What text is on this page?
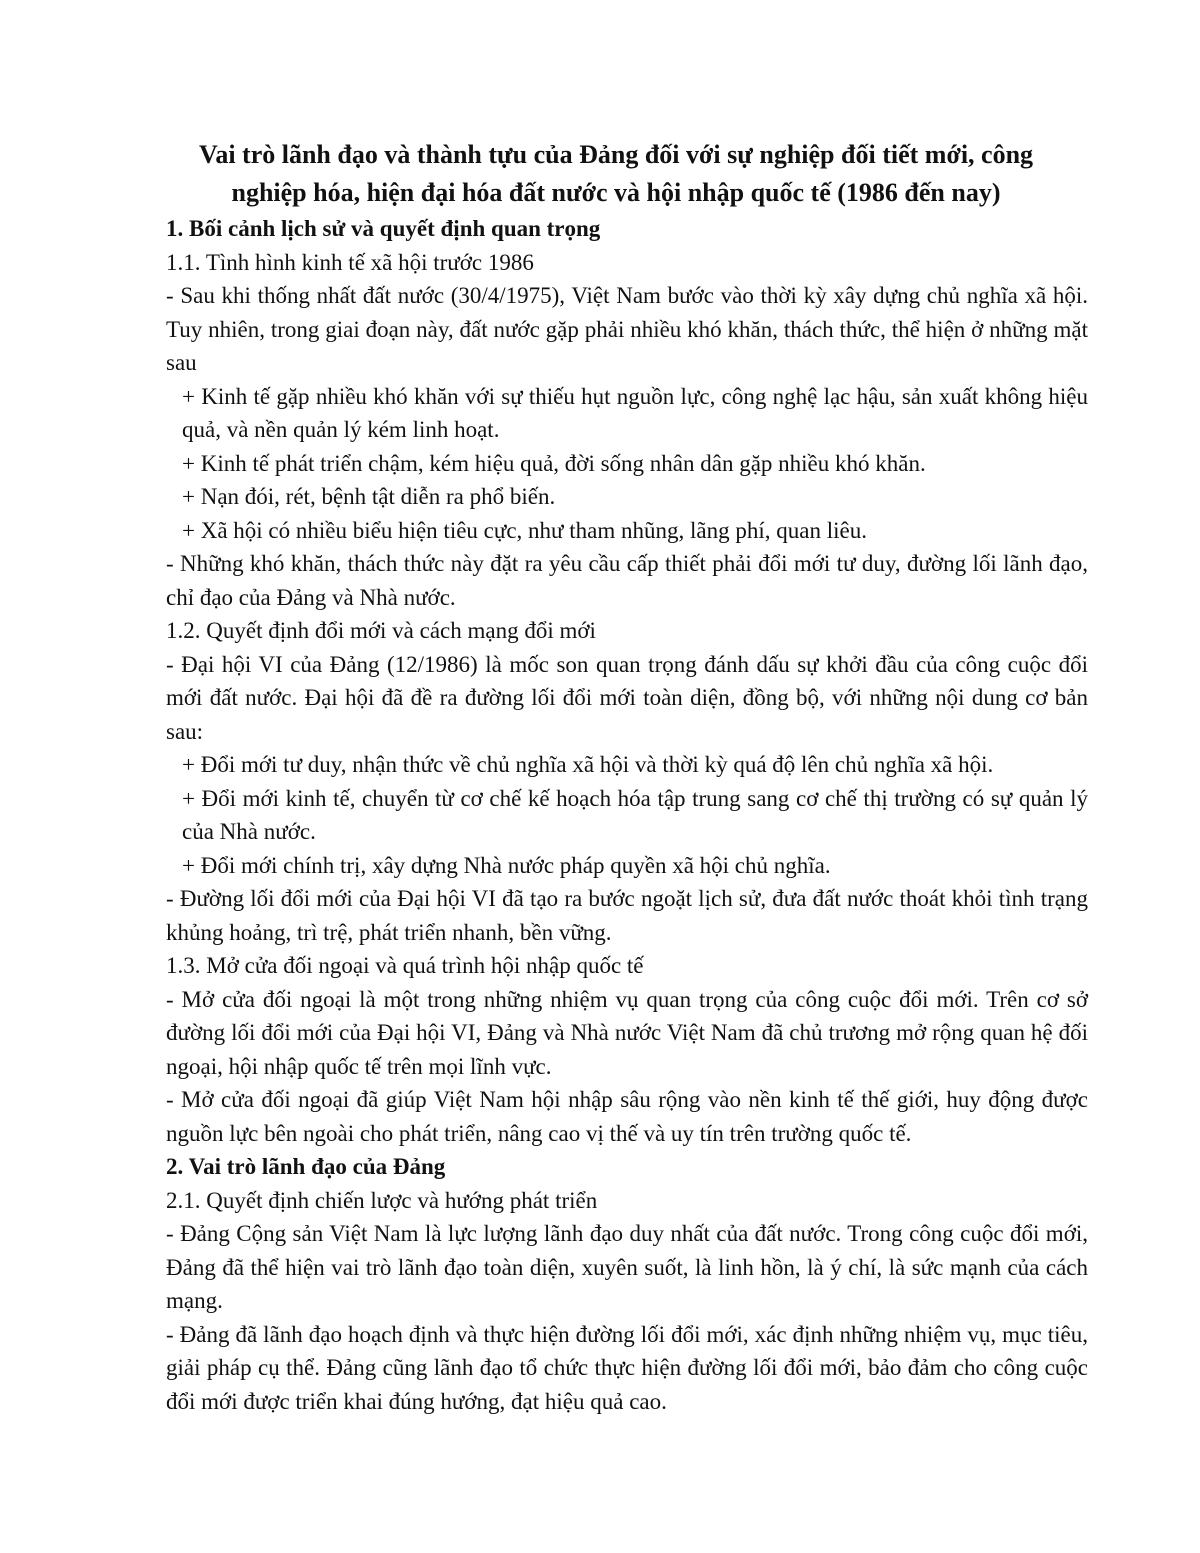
Vai trò lãnh đạo và thành tựu của Đảng đối với sự nghiệp đối tiết mới, công
nghiệp hóa, hiện đại hóa đất nước và hội nhập quốc tế (1986 đến nay)
1. Bối cảnh lịch sử và quyết định quan trọng
1.1. Tình hình kinh tế xã hội trước 1986

- Sau khi thống nhất đất nước (30/4/1975), Việt Nam bước vào thời kỳ xây dựng chủ nghĩa xã hội. Tuy nhiên, trong giai đoạn này, đất nước gặp phải nhiều khó khăn, thách thức, thể hiện ở những mặt sau

+ Kinh tế gặp nhiều khó khăn với sự thiếu hụt nguồn lực, công nghệ lạc hậu, sản xuất không hiệu quả, và nền quản lý kém linh hoạt.

+ Kinh tế phát triển chậm, kém hiệu quả, đời sống nhân dân gặp nhiều khó khăn.

+ Nạn đói, rét, bệnh tật diễn ra phổ biến.

+ Xã hội có nhiều biểu hiện tiêu cực, như tham nhũng, lãng phí, quan liêu.

- Những khó khăn, thách thức này đặt ra yêu cầu cấp thiết phải đổi mới tư duy, đường lối lãnh đạo, chỉ đạo của Đảng và Nhà nước.

1.2. Quyết định đổi mới và cách mạng đổi mới

- Đại hội VI của Đảng (12/1986) là mốc son quan trọng đánh dấu sự khởi đầu của công cuộc đổi mới đất nước. Đại hội đã đề ra đường lối đổi mới toàn diện, đồng bộ, với những nội dung cơ bản sau:

+ Đổi mới tư duy, nhận thức về chủ nghĩa xã hội và thời kỳ quá độ lên chủ nghĩa xã hội.

+ Đổi mới kinh tế, chuyển từ cơ chế kế hoạch hóa tập trung sang cơ chế thị trường có sự quản lý của Nhà nước.

+ Đổi mới chính trị, xây dựng Nhà nước pháp quyền xã hội chủ nghĩa.

- Đường lối đổi mới của Đại hội VI đã tạo ra bước ngoặt lịch sử, đưa đất nước thoát khỏi tình trạng khủng hoảng, trì trệ, phát triển nhanh, bền vững.

1.3. Mở cửa đối ngoại và quá trình hội nhập quốc tế

- Mở cửa đối ngoại là một trong những nhiệm vụ quan trọng của công cuộc đổi mới. Trên cơ sở đường lối đổi mới của Đại hội VI, Đảng và Nhà nước Việt Nam đã chủ trương mở rộng quan hệ đối ngoại, hội nhập quốc tế trên mọi lĩnh vực.

- Mở cửa đối ngoại đã giúp Việt Nam hội nhập sâu rộng vào nền kinh tế thế giới, huy động được nguồn lực bên ngoài cho phát triển, nâng cao vị thế và uy tín trên trường quốc tế.

2. Vai trò lãnh đạo của Đảng
2.1. Quyết định chiến lược và hướng phát triển

- Đảng Cộng sản Việt Nam là lực lượng lãnh đạo duy nhất của đất nước. Trong công cuộc đổi mới, Đảng đã thể hiện vai trò lãnh đạo toàn diện, xuyên suốt, là linh hồn, là ý chí, là sức mạnh của cách mạng.

- Đảng đã lãnh đạo hoạch định và thực hiện đường lối đổi mới, xác định những nhiệm vụ, mục tiêu, giải pháp cụ thể. Đảng cũng lãnh đạo tổ chức thực hiện đường lối đổi mới, bảo đảm cho công cuộc đổi mới được triển khai đúng hướng, đạt hiệu quả cao.
